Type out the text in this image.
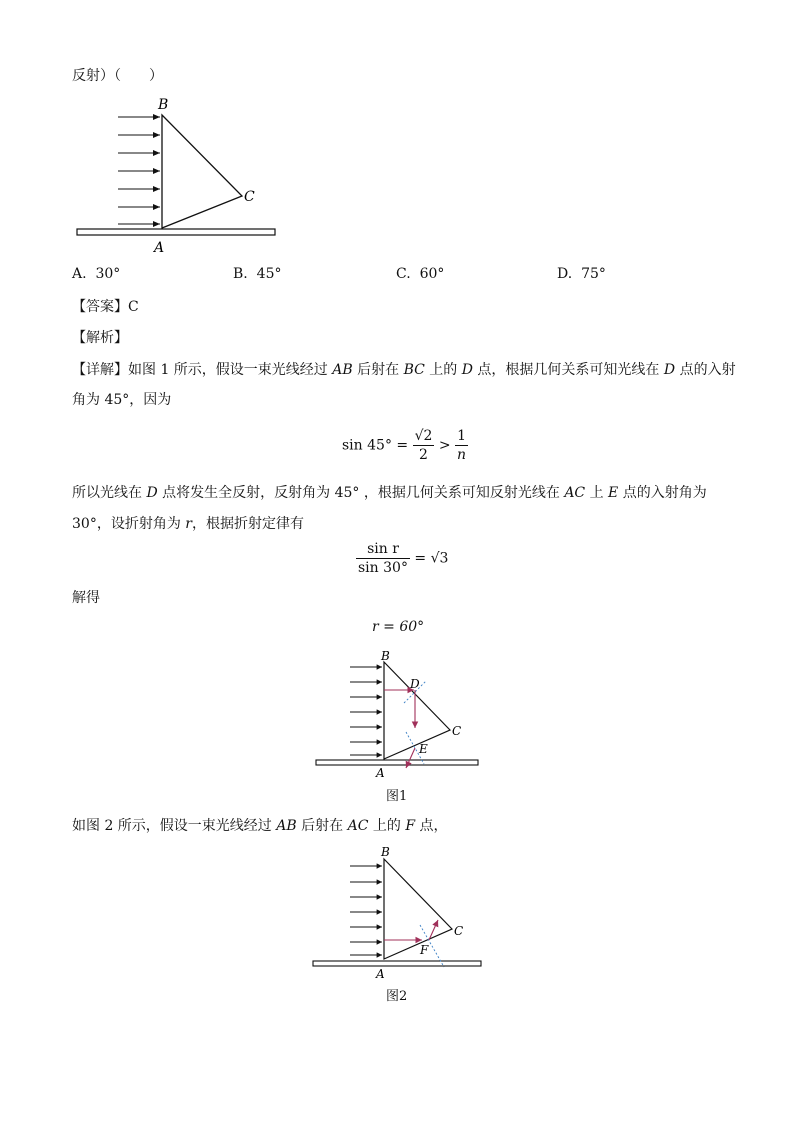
反射）（　　）
B
C
A
A. 30°	B. 45°	C. 60°	D. 75°
【答案】C
【解析】
【详解】如图 1 所示，假设一束光线经过 AB 后射在 BC 上的 D 点，根据几何关系可知光线在 D 点的入射
角为 45°，因为
$\sin 45^\circ = \frac{√2}{2} > \frac{1}{n}$
所以光线在 D 点将发生全反射，反射角为 45° ，根据几何关系可知反射光线在 AC 上 E 点的入射角为
30°，设折射角为 r，根据折射定律有
$\frac{\text{sin r}}{\sin 30^\circ} = √3$
解得
r = 60°
B
D
C
E
A
图1
如图 2 所示，假设一束光线经过 AB 后射在 AC 上的 F 点，
B
C
F
A
图2
